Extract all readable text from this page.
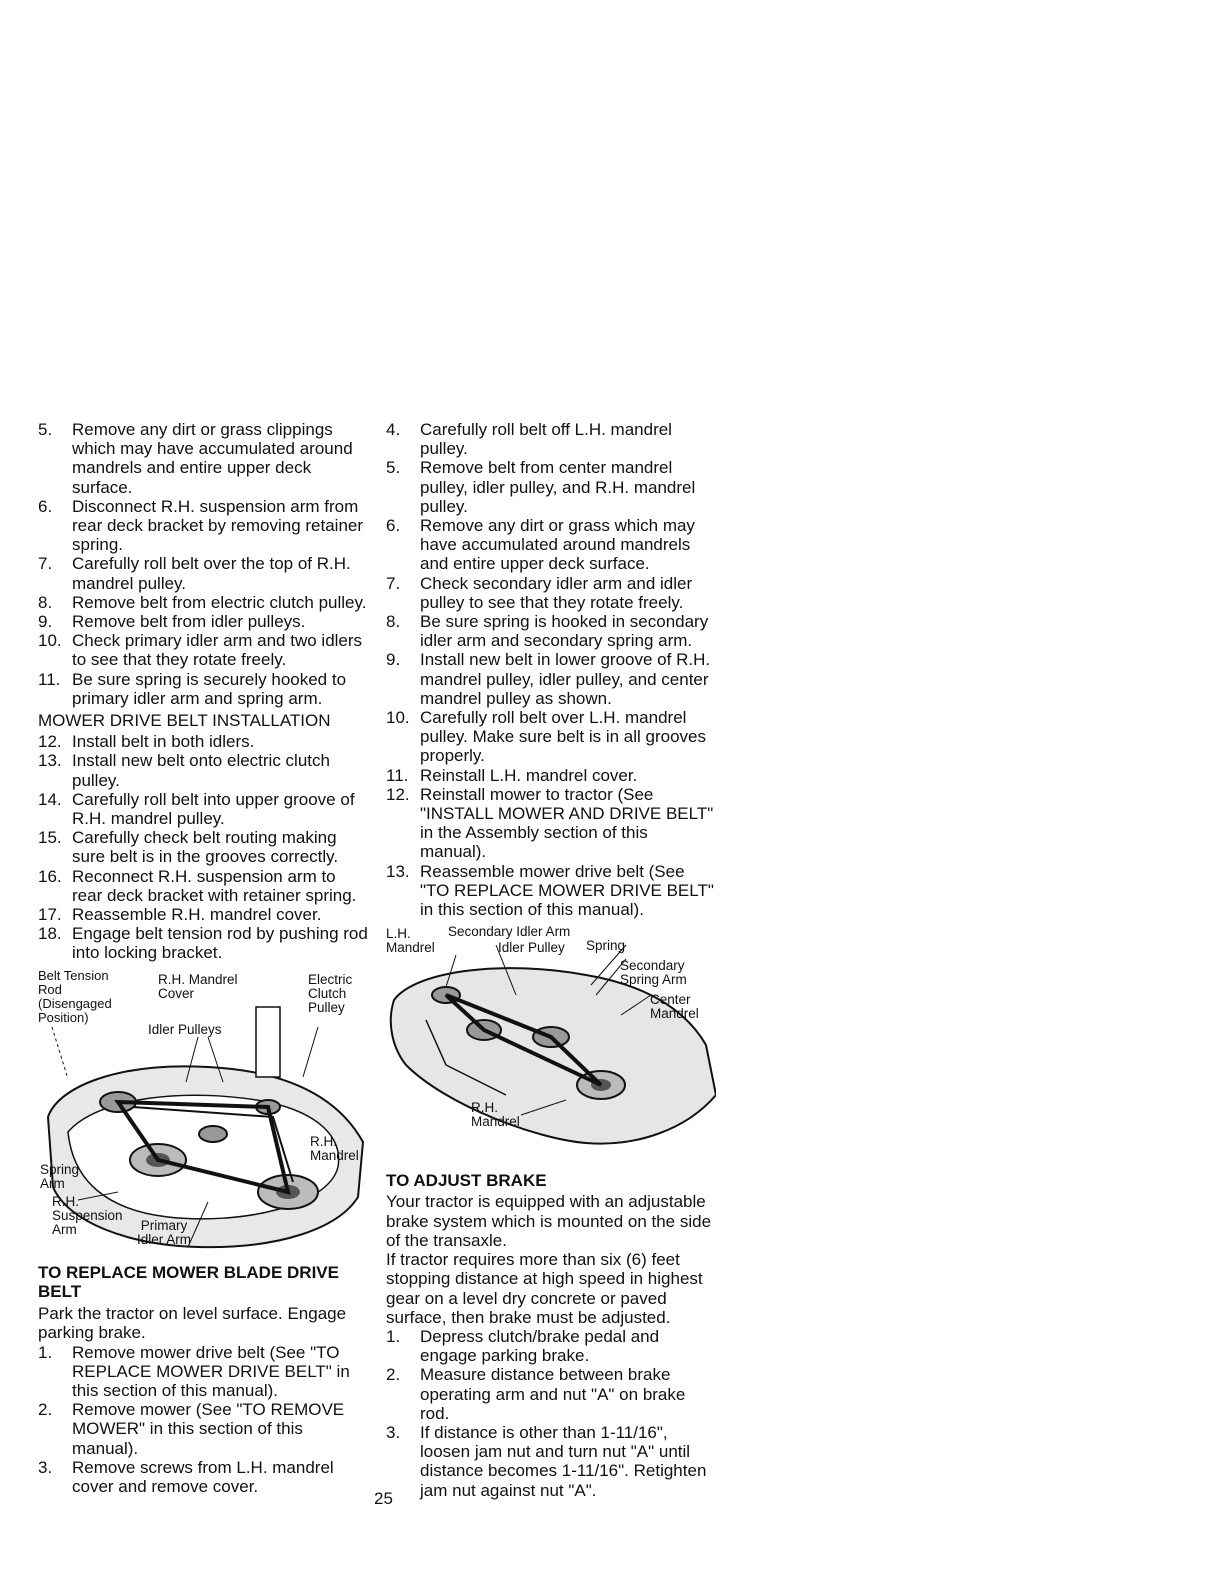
5. Remove any dirt or grass clippings which may have accumulated around mandrels and entire upper deck surface.

6. Disconnect R.H. suspension arm from rear deck bracket by removing retainer spring.

7. Carefully roll belt over the top of R.H. mandrel pulley.

8. Remove belt from electric clutch pulley.

9. Remove belt from idler pulleys.

10. Check primary idler arm and two idlers to see that they rotate freely.

11. Be sure spring is securely hooked to primary idler arm and spring arm.

MOWER DRIVE BELT INSTALLATION

12. Install belt in both idlers.

13. Install new belt onto electric clutch pulley.

14. Carefully roll belt into upper groove of R.H. mandrel pulley.

15. Carefully check belt routing making sure belt is in the grooves correctly.

16. Reconnect R.H. suspension arm to rear deck bracket with retainer spring.

17. Reassemble R.H. mandrel cover.

18. Engage belt tension rod by pushing rod into locking bracket.

Belt Tension Rod (Disengaged Position)
R.H. Mandrel Cover
Electric Clutch Pulley
Idler Pulleys
R.H. Mandrel
Spring Arm
R.H. Suspension Arm	Primary Idler Arm

TO REPLACE MOWER BLADE DRIVE BELT

Park the tractor on level surface. Engage parking brake.

1. Remove mower drive belt (See "TO REPLACE MOWER DRIVE BELT" in this section of this manual).

2. Remove mower (See "TO REMOVE MOWER" in this section of this manual).

3. Remove screws from L.H. mandrel cover and remove cover.

4. Carefully roll belt off L.H. mandrel pulley.

5. Remove belt from center mandrel pulley, idler pulley, and R.H. mandrel pulley.

6. Remove any dirt or grass which may have accumulated around mandrels and entire upper deck surface.

7. Check secondary idler arm and idler pulley to see that they rotate freely.

8. Be sure spring is hooked in secondary idler arm and secondary spring arm.

9. Install new belt in lower groove of R.H. mandrel pulley, idler pulley, and center mandrel pulley as shown.

10. Carefully roll belt over L.H. mandrel pulley. Make sure belt is in all grooves properly.

11. Reinstall L.H. mandrel cover.

12. Reinstall mower to tractor (See "INSTALL MOWER AND DRIVE BELT" in the Assembly section of this manual).

13. Reassemble mower drive belt (See "TO REPLACE MOWER DRIVE BELT" in this section of this manual).

L.H. Mandrel
Secondary Idler Arm
Idler Pulley Spring
Secondary Spring Arm
Center Mandrel
R.H. Mandrel

TO ADJUST BRAKE

Your tractor is equipped with an adjustable brake system which is mounted on the side of the transaxle.

If tractor requires more than six (6) feet stopping distance at high speed in highest gear on a level dry concrete or paved surface, then brake must be adjusted.

1. Depress clutch/brake pedal and engage parking brake.

2. Measure distance between brake operating arm and nut "A" on brake rod.

3. If distance is other than 1-11/16", loosen jam nut and turn nut "A" until distance becomes 1-11/16". Retighten jam nut against nut "A".

25
